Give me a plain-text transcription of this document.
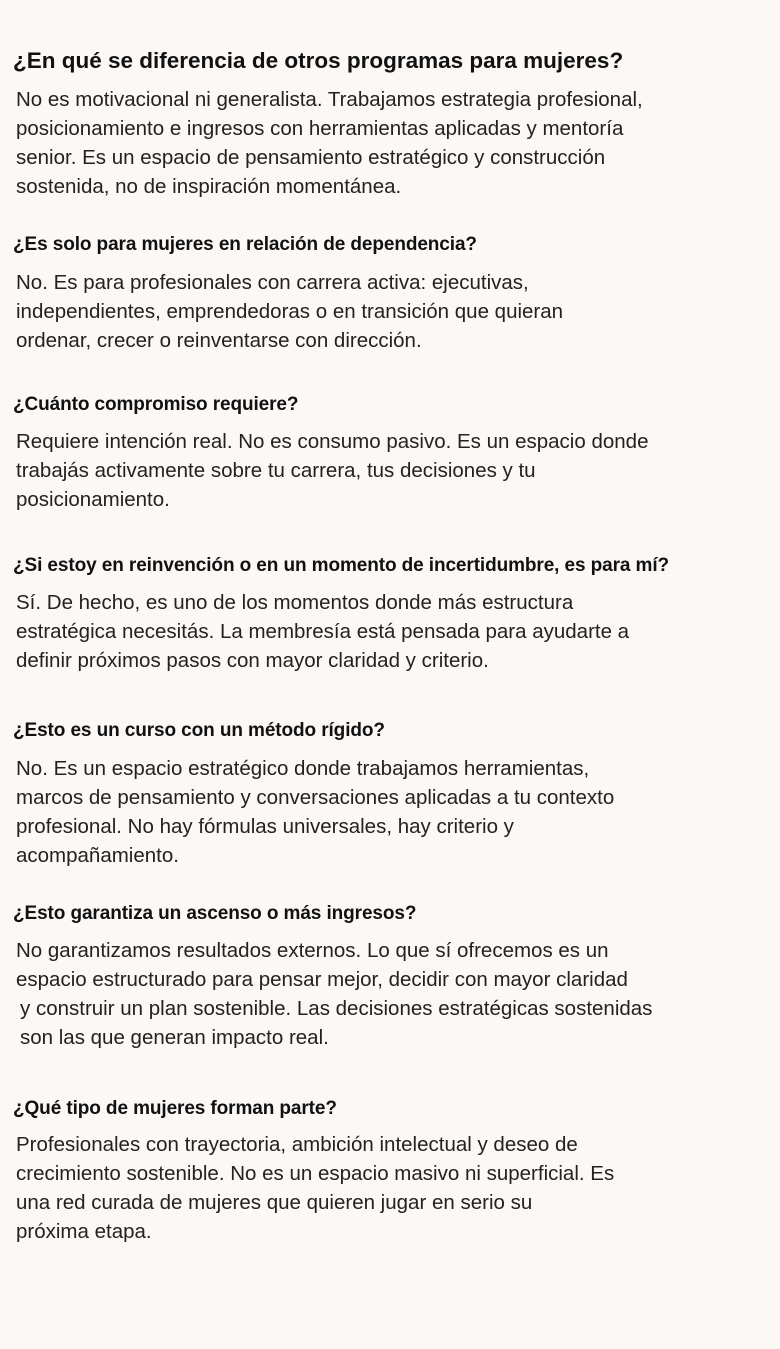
¿En qué se diferencia de otros programas para mujeres?

No es motivacional ni generalista. Trabajamos estrategia profesional,
posicionamiento e ingresos con herramientas aplicadas y mentoría
senior. Es un espacio de pensamiento estratégico y construcción
sostenida, no de inspiración momentánea.

¿Es solo para mujeres en relación de dependencia?

No. Es para profesionales con carrera activa: ejecutivas,
independientes, emprendedoras o en transición que quieran
ordenar, crecer o reinventarse con dirección.

¿Cuánto compromiso requiere?

Requiere intención real. No es consumo pasivo. Es un espacio donde
trabajás activamente sobre tu carrera, tus decisiones y tu
posicionamiento.

¿Si estoy en reinvención o en un momento de incertidumbre, es para mí?

Sí. De hecho, es uno de los momentos donde más estructura
estratégica necesitás. La membresía está pensada para ayudarte a
definir próximos pasos con mayor claridad y criterio.

¿Esto es un curso con un método rígido?

No. Es un espacio estratégico donde trabajamos herramientas,
marcos de pensamiento y conversaciones aplicadas a tu contexto
profesional. No hay fórmulas universales, hay criterio y
acompañamiento.

¿Esto garantiza un ascenso o más ingresos?

No garantizamos resultados externos. Lo que sí ofrecemos es un
espacio estructurado para pensar mejor, decidir con mayor claridad
y construir un plan sostenible. Las decisiones estratégicas sostenidas
son las que generan impacto real.

¿Qué tipo de mujeres forman parte?

Profesionales con trayectoria, ambición intelectual y deseo de
crecimiento sostenible. No es un espacio masivo ni superficial. Es
una red curada de mujeres que quieren jugar en serio su
próxima etapa.
